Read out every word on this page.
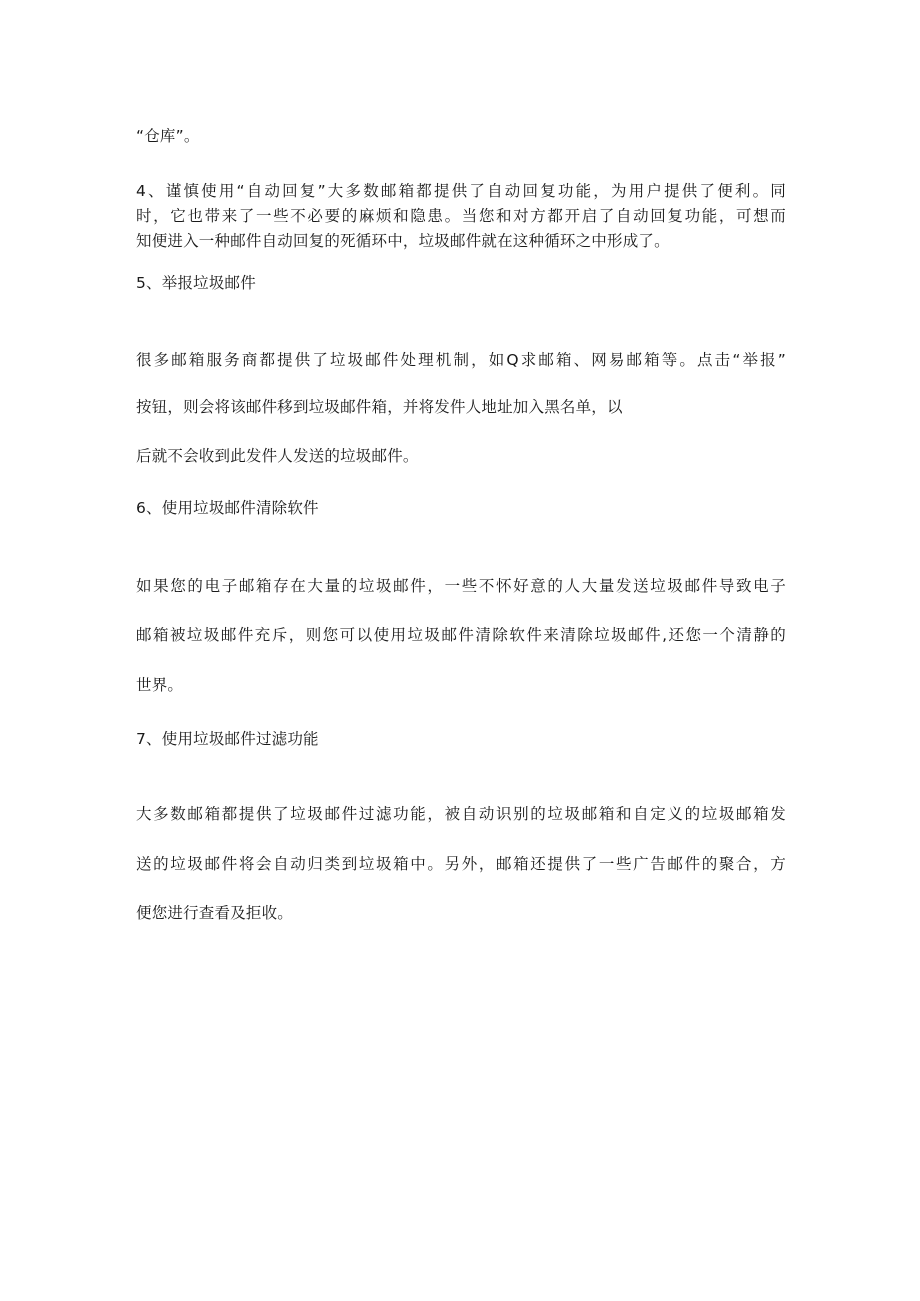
“仓库”。
4、谨慎使用“自动回复”大多数邮箱都提供了自动回复功能，为用户提供了便利。同
时，它也带来了一些不必要的麻烦和隐患。当您和对方都开启了自动回复功能，可想而
知便进入一种邮件自动回复的死循环中，垃圾邮件就在这种循环之中形成了。
5、举报垃圾邮件
很多邮箱服务商都提供了垃圾邮件处理机制，如Q求邮箱、网易邮箱等。点击“举报”
按钮，则会将该邮件移到垃圾邮件箱，并将发件人地址加入黑名单，以
后就不会收到此发件人发送的垃圾邮件。
6、使用垃圾邮件清除软件
如果您的电子邮箱存在大量的垃圾邮件，一些不怀好意的人大量发送垃圾邮件导致电子
邮箱被垃圾邮件充斥，则您可以使用垃圾邮件清除软件来清除垃圾邮件,还您一个清静的
世界。
7、使用垃圾邮件过滤功能
大多数邮箱都提供了垃圾邮件过滤功能，被自动识别的垃圾邮箱和自定义的垃圾邮箱发
送的垃圾邮件将会自动归类到垃圾箱中。另外，邮箱还提供了一些广告邮件的聚合，方
便您进行查看及拒收。
